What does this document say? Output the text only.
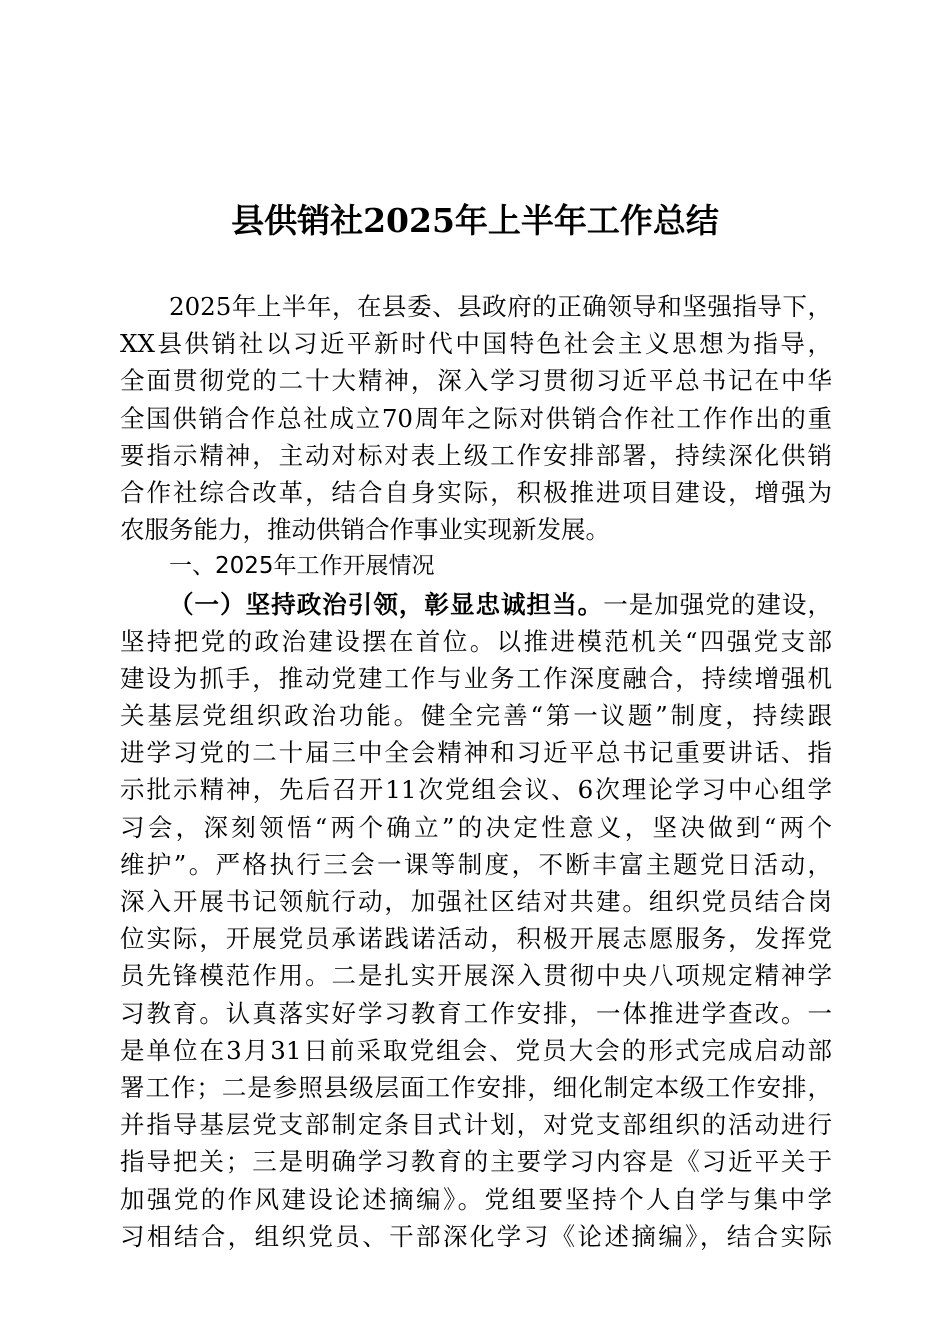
县供销社2025年上半年工作总结
2025年上半年，在县委、县政府的正确领导和坚强指导下，
XX县供销社以习近平新时代中国特色社会主义思想为指导，
全面贯彻党的二十大精神，深入学习贯彻习近平总书记在中华
全国供销合作总社成立70周年之际对供销合作社工作作出的重
要指示精神，主动对标对表上级工作安排部署，持续深化供销
合作社综合改革，结合自身实际，积极推进项目建设，增强为
农服务能力，推动供销合作事业实现新发展。
一、2025年工作开展情况
（一）坚持政治引领，彰显忠诚担当。一是加强党的建设，
坚持把党的政治建设摆在首位。以推进模范机关“四强党支部
建设为抓手，推动党建工作与业务工作深度融合，持续增强机
关基层党组织政治功能。健全完善“第一议题”制度，持续跟
进学习党的二十届三中全会精神和习近平总书记重要讲话、指
示批示精神，先后召开11次党组会议、6次理论学习中心组学
习会，深刻领悟“两个确立”的决定性意义，坚决做到“两个
维护”。严格执行三会一课等制度，不断丰富主题党日活动，
深入开展书记领航行动，加强社区结对共建。组织党员结合岗
位实际，开展党员承诺践诺活动，积极开展志愿服务，发挥党
员先锋模范作用。二是扎实开展深入贯彻中央八项规定精神学
习教育。认真落实好学习教育工作安排，一体推进学查改。一
是单位在3月31日前采取党组会、党员大会的形式完成启动部
署工作；二是参照县级层面工作安排，细化制定本级工作安排，
并指导基层党支部制定条目式计划，对党支部组织的活动进行
指导把关；三是明确学习教育的主要学习内容是《习近平关于
加强党的作风建设论述摘编》。党组要坚持个人自学与集中学
习相结合，组织党员、干部深化学习《论述摘编》，结合实际
